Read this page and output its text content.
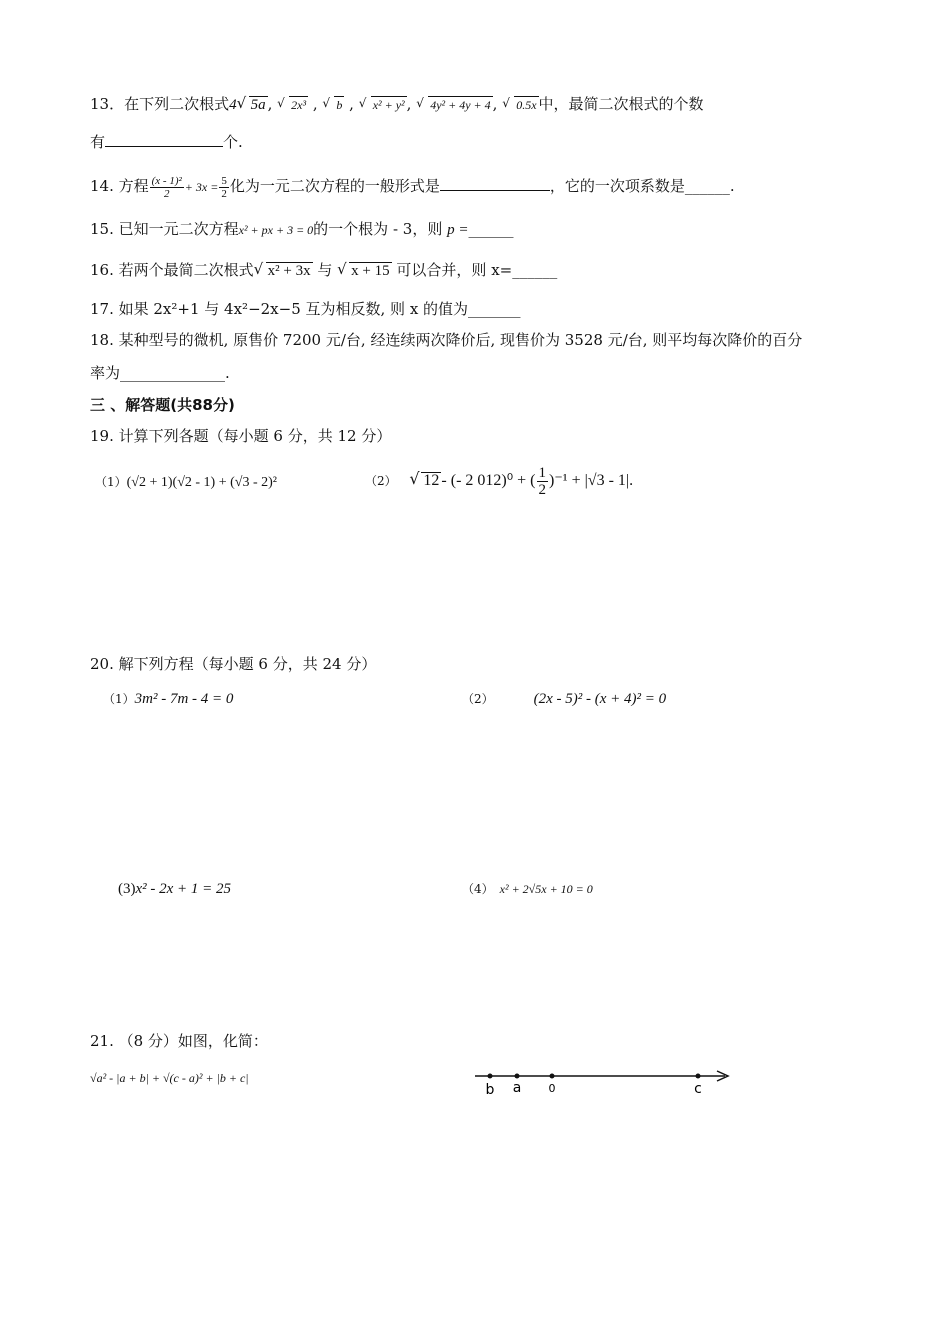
13．在下列二次根式4 √ 5a , √ 2x³ , √ b , √ x² + y² , √ 4y² + 4y + 4 , √ 0.5x 中，最简二次根式的个数
有	个.
14. 方程 $\frac{\text{(x - 1)²}}{2} + 3x = \frac{5}{2}$ 化为一元二次方程的一般形式是	，它的一次项系数是______.
15. 已知一元二次方程x² + px + 3 = 0的一个根为 - 3，则 p =______
16. 若两个最简二次根式 √ x² + 3x 与 √ x + 15 可以合并，则 x=______
17. 如果 2x²+1 与 4x²−2x−5 互为相反数, 则 x 的值为_______
18. 某种型号的微机, 原售价 7200 元/台, 经连续两次降价后, 现售价为 3528 元/台, 则平均每次降价的百分
率为______________.
三 、解答题(共88分)
19. 计算下列各题（每小题 6 分，共 12 分）
（1）(√2 + 1)(√2 - 1) + (√3 - 2)²	（2） √ 12 - (- 2 012)⁰ + ( $\frac{1}{2} )^{-1} + |√3 - 1|$.
20. 解下列方程（每小题 6 分，共 24 分）
（1）3m² - 7m - 4 = 0	（2）	(2x - 5)² - (x + 4)² = 0
(3)x² - 2x + 1 = 25	（4） x² + 2√5x + 10 = 0
21. （8 分）如图，化简：
√a² - |a + b| + √(c - a)² + |b + c|
b a 0	c
